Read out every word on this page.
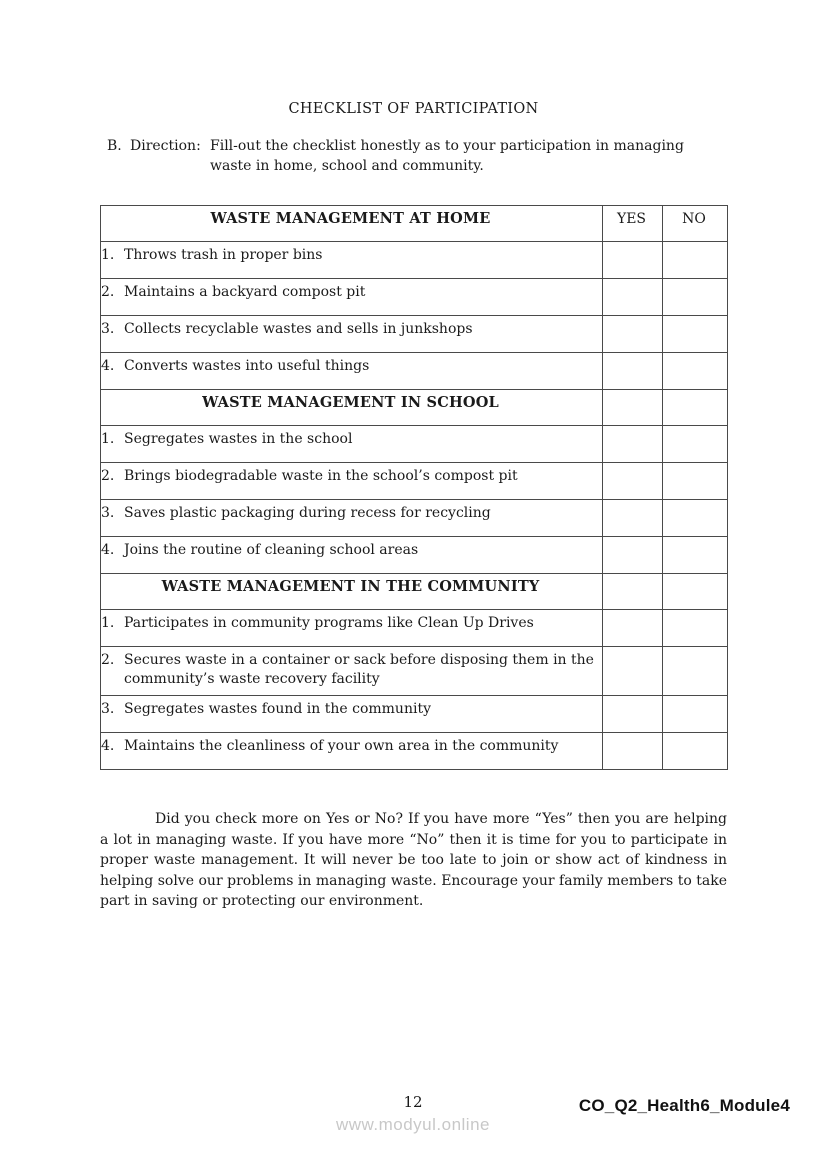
CHECKLIST OF PARTICIPATION
B. Direction: Fill-out the checklist honestly as to your participation in managing waste in home, school and community.
WASTE MANAGEMENT AT HOME	YES	NO

1. Throws trash in proper bins		

2. Maintains a backyard compost pit		

3. Collects recyclable wastes and sells in junkshops		

4. Converts wastes into useful things		

WASTE MANAGEMENT IN SCHOOL		

1. Segregates wastes in the school		

2. Brings biodegradable waste in the school’s compost pit		

3. Saves plastic packaging during recess for recycling		

4. Joins the routine of cleaning school areas		

WASTE MANAGEMENT IN THE COMMUNITY		

1. Participates in community programs like Clean Up Drives		

2. Secures waste in a container or sack before disposing them in the community’s waste recovery facility		

3. Segregates wastes found in the community		

4. Maintains the cleanliness of your own area in the community		

Did you check more on Yes or No? If you have more “Yes” then you are helping a lot in managing waste. If you have more “No” then it is time for you to participate in proper waste management. It will never be too late to join or show act of kindness in helping solve our problems in managing waste. Encourage your family members to take part in saving or protecting our environment.

12
www.modyul.online
CO_Q2_Health6_Module4
